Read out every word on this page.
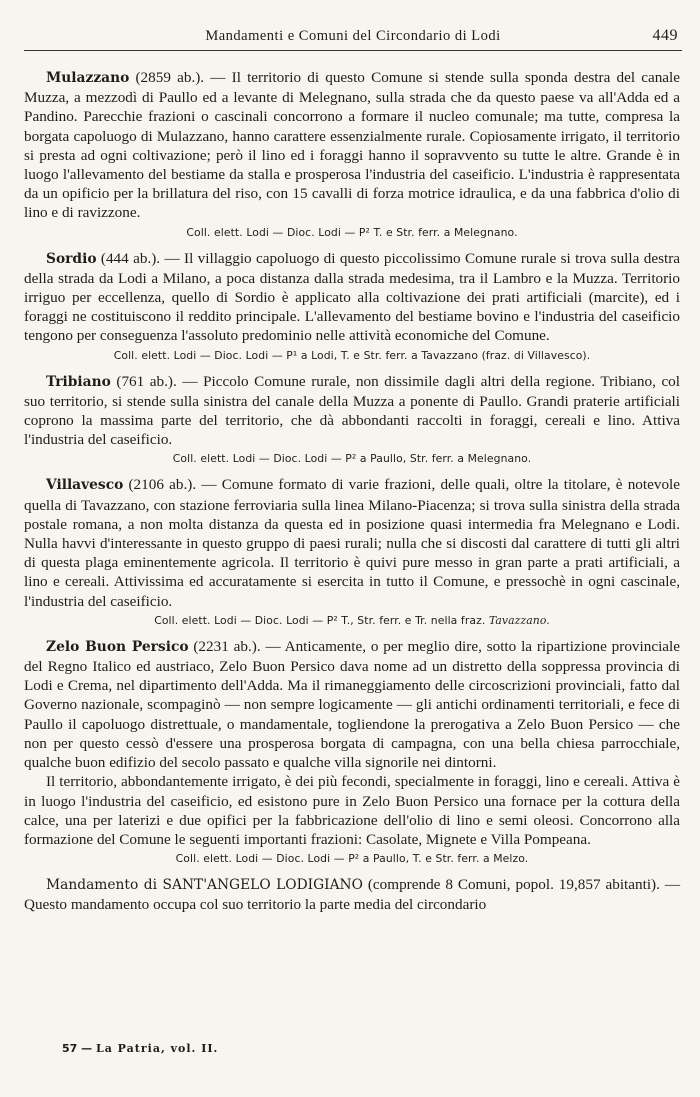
Mandamenti e Comuni del Circondario di Lodi	449

Mulazzano (2859 ab.). — Il territorio di questo Comune si stende sulla sponda destra del canale Muzza, a mezzodì di Paullo ed a levante di Melegnano, sulla strada che da questo paese va all'Adda ed a Pandino. Parecchie frazioni o cascinali concorrono a formare il nucleo comunale; ma tutte, compresa la borgata capoluogo di Mulazzano, hanno carattere essenzialmente rurale. Copiosamente irrigato, il territorio si presta ad ogni coltivazione; però il lino ed i foraggi hanno il sopravvento su tutte le altre. Grande è in luogo l'allevamento del bestiame da stalla e prosperosa l'industria del caseificio. L'industria è rappresentata da un opificio per la brillatura del riso, con 15 cavalli di forza motrice idraulica, e da una fabbrica d'olio di lino e di ravizzone.

Coll. elett. Lodi — Dioc. Lodi — P² T. e Str. ferr. a Melegnano.

Sordio (444 ab.). — Il villaggio capoluogo di questo piccolissimo Comune rurale si trova sulla destra della strada da Lodi a Milano, a poca distanza dalla strada medesima, tra il Lambro e la Muzza. Territorio irriguo per eccellenza, quello di Sordio è applicato alla coltivazione dei prati artificiali (marcite), ed i foraggi ne costituiscono il reddito principale. L'allevamento del bestiame bovino e l'industria del caseificio tengono per conseguenza l'assoluto predominio nelle attività economiche del Comune.

Coll. elett. Lodi — Dioc. Lodi — P¹ a Lodi, T. e Str. ferr. a Tavazzano (fraz. di Villavesco).

Tribiano (761 ab.). — Piccolo Comune rurale, non dissimile dagli altri della regione. Tribiano, col suo territorio, si stende sulla sinistra del canale della Muzza a ponente di Paullo. Grandi praterie artificiali coprono la massima parte del territorio, che dà abbondanti raccolti in foraggi, cereali e lino. Attiva l'industria del caseificio.

Coll. elett. Lodi — Dioc. Lodi — P² a Paullo, Str. ferr. a Melegnano.

Villavesco (2106 ab.). — Comune formato di varie frazioni, delle quali, oltre la titolare, è notevole quella di Tavazzano, con stazione ferroviaria sulla linea Milano-Piacenza; si trova sulla sinistra della strada postale romana, a non molta distanza da questa ed in posizione quasi intermedia fra Melegnano e Lodi. Nulla havvi d'interessante in questo gruppo di paesi rurali; nulla che si discosti dal carattere di tutti gli altri di questa plaga eminentemente agricola. Il territorio è quivi pure messo in gran parte a prati artificiali, a lino e cereali. Attivissima ed accuratamente si esercita in tutto il Comune, e pressochè in ogni cascinale, l'industria del caseificio.

Coll. elett. Lodi — Dioc. Lodi — P² T., Str. ferr. e Tr. nella fraz. Tavazzano.

Zelo Buon Persico (2231 ab.). — Anticamente, o per meglio dire, sotto la ripartizione provinciale del Regno Italico ed austriaco, Zelo Buon Persico dava nome ad un distretto della soppressa provincia di Lodi e Crema, nel dipartimento dell'Adda. Ma il rimaneggiamento delle circoscrizioni provinciali, fatto dal Governo nazionale, scompaginò — non sempre logicamente — gli antichi ordinamenti territoriali, e fece di Paullo il capoluogo distrettuale, o mandamentale, togliendone la prerogativa a Zelo Buon Persico — che non per questo cessò d'essere una prosperosa borgata di campagna, con una bella chiesa parrocchiale, qualche buon edifizio del secolo passato e qualche villa signorile nei dintorni.

Il territorio, abbondantemente irrigato, è dei più fecondi, specialmente in foraggi, lino e cereali. Attiva è in luogo l'industria del caseificio, ed esistono pure in Zelo Buon Persico una fornace per la cottura della calce, una per laterizi e due opifici per la fabbricazione dell'olio di lino e semi oleosi. Concorrono alla formazione del Comune le seguenti importanti frazioni: Casolate, Mignete e Villa Pompeana.

Coll. elett. Lodi — Dioc. Lodi — P² a Paullo, T. e Str. ferr. a Melzo.

Mandamento di SANT'ANGELO LODIGIANO (comprende 8 Comuni, popol. 19,857 abitanti). — Questo mandamento occupa col suo territorio la parte media del circondario

57 — La Patria, vol. II.
